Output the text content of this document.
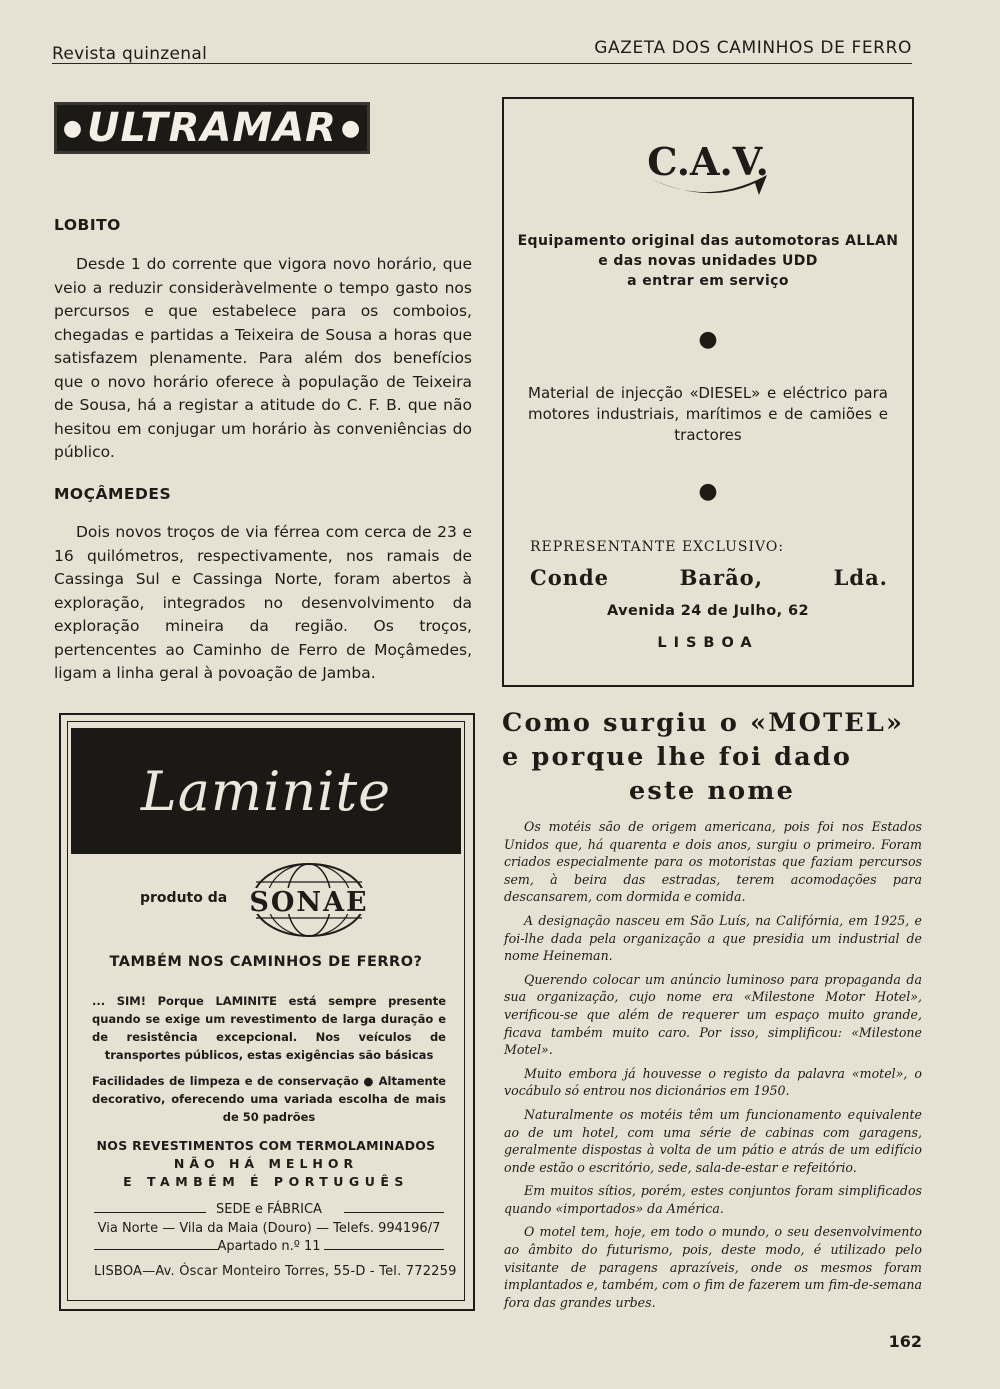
Revista quinzenal	GAZETA DOS CAMINHOS DE FERRO
● ULTRAMAR ●
LOBITO

Desde 1 do corrente que vigora novo horário, que veio a reduzir consideràvelmente o tempo gasto nos percursos e que estabelece para os comboios, chegadas e partidas a Teixeira de Sousa a horas que satisfazem plenamente. Para além dos benefícios que o novo horário oferece à população de Teixeira de Sousa, há a registar a atitude do C. F. B. que não hesitou em conjugar um horário às conveniências do público.

MOÇÂMEDES

Dois novos troços de via férrea com cerca de 23 e 16 quilómetros, respectivamente, nos ramais de Cassinga Sul e Cassinga Norte, foram abertos à exploração, integrados no desenvolvimento da exploração mineira da região. Os troços, pertencentes ao Caminho de Ferro de Moçâmedes, ligam a linha geral à povoação de Jamba.

C.A.V.
LIMITED
Equipamento original das automotoras ALLAN
e das novas unidades UDD
a entrar em serviço
●
Material de injecção «DIESEL» e eléctrico para motores industriais, marítimos e de camiões e tractores
●
REPRESENTANTE EXCLUSIVO:
Conde	Barão,	Lda.
Avenida 24 de Julho, 62
LISBOA
Laminite
produto da SONAE
TAMBÉM NOS CAMINHOS DE FERRO?
... SIM! Porque LAMINITE está sempre presente quando se exige um revestimento de larga duração e de resistência excepcional. Nos veículos de transportes públicos, estas exigências são básicas
Facilidades de limpeza e de conservação ● Altamente decorativo, oferecendo uma variada escolha de mais de 50 padrões
NOS REVESTIMENTOS COM TERMOLAMINADOS
NÃO HÁ MELHOR
E TAMBÉM É PORTUGUÊS
SEDE e FÁBRICA
Via Norte — Vila da Maia (Douro) — Telefs. 994196/7
Apartado n.º 11
LISBOA—Av. Óscar Monteiro Torres, 55-D - Tel. 772259
Como surgiu o «MOTEL»
e porque lhe foi dado
este nome

Os motéis são de origem americana, pois foi nos Estados Unidos que, há quarenta e dois anos, surgiu o primeiro. Foram criados especialmente para os motoristas que faziam percursos sem, à beira das estradas, terem acomodações para descansarem, com dormida e comida.

A designação nasceu em São Luís, na Califórnia, em 1925, e foi-lhe dada pela organização a que presidia um industrial de nome Heineman.

Querendo colocar um anúncio luminoso para propaganda da sua organização, cujo nome era «Milestone Motor Hotel», verificou-se que além de requerer um espaço muito grande, ficava também muito caro. Por isso, simplificou: «Milestone Motel».

Muito embora já houvesse o registo da palavra «motel», o vocábulo só entrou nos dicionários em 1950.

Naturalmente os motéis têm um funcionamento equivalente ao de um hotel, com uma série de cabinas com garagens, geralmente dispostas à volta de um pátio e atrás de um edifício onde estão o escritório, sede, sala-de-estar e refeitório.

Em muitos sítios, porém, estes conjuntos foram simplificados quando «importados» da América.

O motel tem, hoje, em todo o mundo, o seu desenvolvimento ao âmbito do futurismo, pois, deste modo, é utilizado pelo visitante de paragens aprazíveis, onde os mesmos foram implantados e, também, com o fim de fazerem um fim-de-semana fora das grandes urbes.

162
